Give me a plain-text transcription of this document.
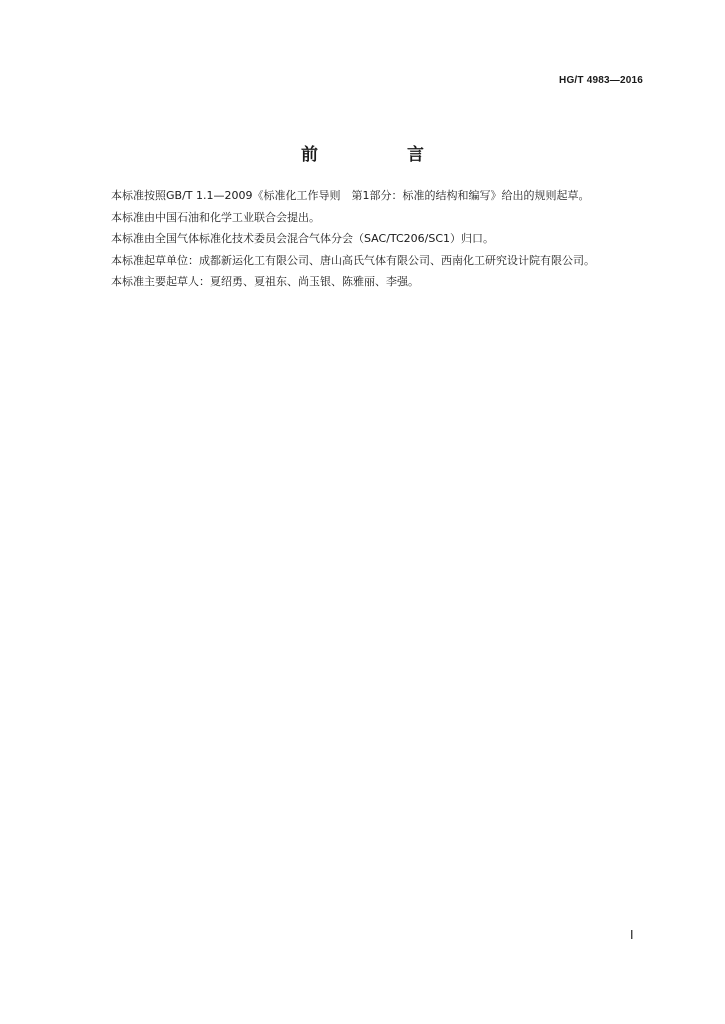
HG/T 4983—2016
前　言

本标准按照GB/T 1.1—2009《标准化工作导则　第1部分：标准的结构和编写》给出的规则起草。

本标准由中国石油和化学工业联合会提出。

本标准由全国气体标准化技术委员会混合气体分会（SAC/TC206/SC1）归口。

本标准起草单位：成都新运化工有限公司、唐山高氏气体有限公司、西南化工研究设计院有限公司。

本标准主要起草人：夏绍勇、夏祖东、尚玉银、陈雅丽、李强。

Ⅰ
